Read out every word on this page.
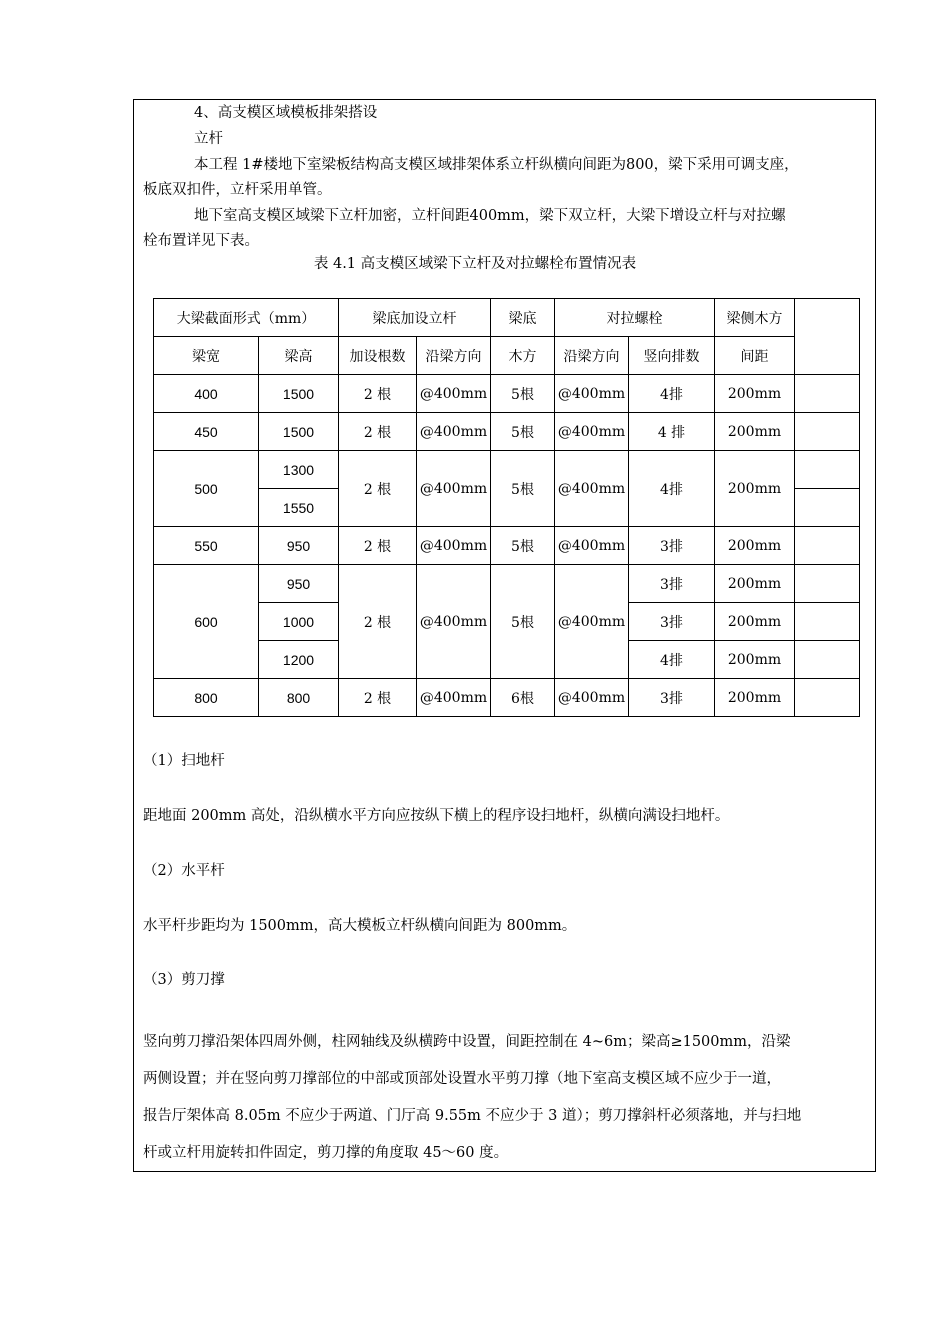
4、高支模区域模板排架搭设
立杆
本工程 1#楼地下室梁板结构高支模区域排架体系立杆纵横向间距为800，梁下采用可调支座，
板底双扣件，立杆采用单管。
地下室高支模区域梁下立杆加密，立杆间距400mm，梁下双立杆，大梁下增设立杆与对拉螺
栓布置详见下表。
表 4.1 高支模区域梁下立杆及对拉螺栓布置情况表
大梁截面形式（mm）		梁底加设立杆		梁底	对拉螺栓		梁侧木方	
梁宽	梁高	加设根数	沿梁方向	木方	沿梁方向	竖向排数	间距	
400	1500	2 根	@400mm	5根	@400mm	4排	200mm	
450	1500	2 根	@400mm	5根	@400mm	4 排	200mm	
500	1300	2 根	@400mm	5根	@400mm	4排	200mm	
	1550							
550	950	2 根	@400mm	5根	@400mm	3排	200mm	
600	950	2 根	@400mm	5根	@400mm	3排	200mm	
	1000					3排	200mm	
	1200					4排	200mm	
800	800	2 根	@400mm	6根	@400mm	3排	200mm	
（1）扫地杆
距地面 200mm 高处，沿纵横水平方向应按纵下横上的程序设扫地杆，纵横向满设扫地杆。
（2）水平杆
水平杆步距均为 1500mm，高大模板立杆纵横向间距为 800mm。
（3）剪刀撑
竖向剪刀撑沿架体四周外侧，柱网轴线及纵横跨中设置，间距控制在 4~6m；梁高≥1500mm，沿梁
两侧设置；并在竖向剪刀撑部位的中部或顶部处设置水平剪刀撑（地下室高支模区域不应少于一道，
报告厅架体高 8.05m 不应少于两道、门厅高 9.55m 不应少于 3 道）；剪刀撑斜杆必须落地，并与扫地
杆或立杆用旋转扣件固定，剪刀撑的角度取 45～60 度。
